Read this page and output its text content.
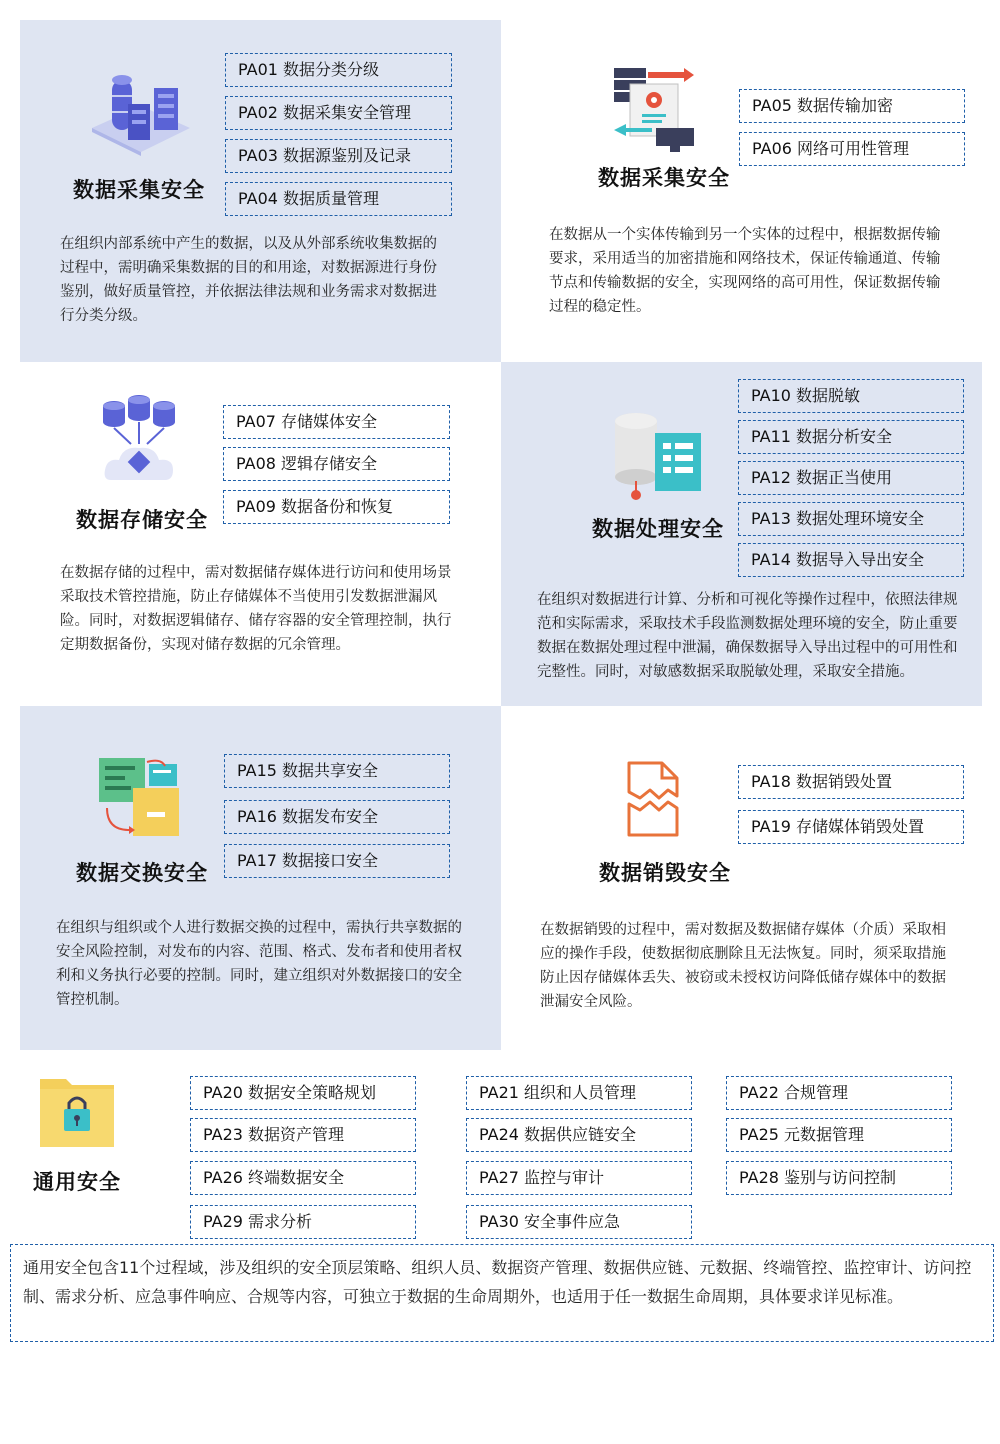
数据采集安全
PA01 数据分类分级
PA02 数据采集安全管理
PA03 数据源鉴别及记录
PA04 数据质量管理

在组织内部系统中产生的数据，以及从外部系统收集数据的过程中，需明确采集数据的目的和用途，对数据源进行身份鉴别，做好质量管控，并依据法律法规和业务需求对数据进行分类分级。

数据采集安全
PA05 数据传输加密
PA06 网络可用性管理

在数据从一个实体传输到另一个实体的过程中，根据数据传输要求，采用适当的加密措施和网络技术，保证传输通道、传输节点和传输数据的安全，实现网络的高可用性，保证数据传输过程的稳定性。

数据存储安全
PA07 存储媒体安全
PA08 逻辑存储安全
PA09 数据备份和恢复

在数据存储的过程中，需对数据储存媒体进行访问和使用场景采取技术管控措施，防止存储媒体不当使用引发数据泄漏风险。同时，对数据逻辑储存、储存容器的安全管理控制，执行定期数据备份，实现对储存数据的冗余管理。

数据处理安全
PA10 数据脱敏
PA11 数据分析安全
PA12 数据正当使用
PA13 数据处理环境安全
PA14 数据导入导出安全

在组织对数据进行计算、分析和可视化等操作过程中，依照法律规范和实际需求，采取技术手段监测数据处理环境的安全，防止重要数据在数据处理过程中泄漏，确保数据导入导出过程中的可用性和完整性。同时，对敏感数据采取脱敏处理，采取安全措施。

数据交换安全
PA15 数据共享安全
PA16 数据发布安全
PA17 数据接口安全

在组织与组织或个人进行数据交换的过程中，需执行共享数据的安全风险控制，对发布的内容、范围、格式、发布者和使用者权利和义务执行必要的控制。同时，建立组织对外数据接口的安全管控机制。

数据销毁安全
PA18 数据销毁处置
PA19 存储媒体销毁处置

在数据销毁的过程中，需对数据及数据储存媒体（介质）采取相应的操作手段，使数据彻底删除且无法恢复。同时，须采取措施防止因存储媒体丢失、被窃或未授权访问降低储存媒体中的数据泄漏安全风险。

通用安全
PA20 数据安全策略规划	PA21 组织和人员管理	PA22 合规管理
PA23 数据资产管理	PA24 数据供应链安全	PA25 元数据管理
PA26 终端数据安全	PA27 监控与审计	PA28 鉴别与访问控制
PA29 需求分析	PA30 安全事件应急
通用安全包含11个过程域，涉及组织的安全顶层策略、组织人员、数据资产管理、数据供应链、元数据、终端管控、监控审计、访问控制、需求分析、应急事件响应、合规等内容，可独立于数据的生命周期外，也适用于任一数据生命周期，具体要求详见标准。
